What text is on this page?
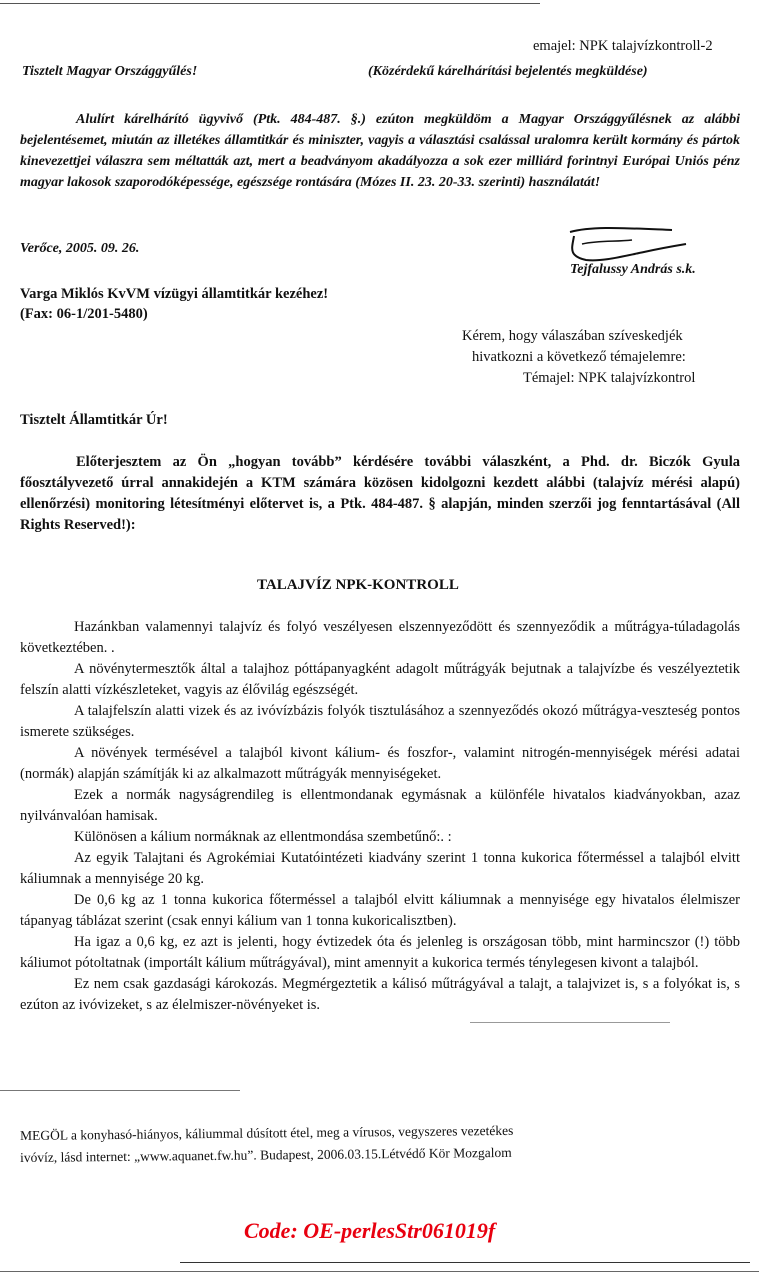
emajel: NPK talajvízkontroll-2
Tisztelt Magyar Országgyűlés!	(Közérdekű kárelhárítási bejelentés megküldése)
Alulírt kárelhárító ügyvivő (Ptk. 484-487. §.) ezúton megküldöm a Magyar Országgyűlésnek az alábbi bejelentésemet, miután az illetékes államtitkár és miniszter, vagyis a választási csalással uralomra került kormány és pártok kinevezettjei válaszra sem méltatták azt, mert a beadványom akadályozza a sok ezer milliárd forintnyi Európai Uniós pénz magyar lakosok szaporodóképessége, egészsége rontására (Mózes II. 23. 20-33. szerinti) használatát!
Verőce, 2005. 09. 26.
Tejfalussy András s.k.
Varga Miklós KvVM vízügyi államtitkár kezéhez!
(Fax: 06-1/201-5480)
Kérem, hogy válaszában szíveskedjék
hivatkozni a következő témajelemre:
Témajel: NPK talajvízkontrol
Tisztelt Államtitkár Úr!
Előterjesztem az Ön „hogyan tovább” kérdésére további válaszként, a Phd. dr. Biczók Gyula főosztályvezető úrral annakidején a KTM számára közösen kidolgozni kezdett alábbi (talajvíz mérési alapú) ellenőrzési) monitoring létesítményi előtervet is, a Ptk. 484-487. § alapján, minden szerzői jog fenntartásával (All Rights Reserved!):
TALAJVÍZ NPK-KONTROLL

Hazánkban valamennyi talajvíz és folyó veszélyesen elszennyeződött és szennyeződik a műtrágya-túladagolás következtében. .

A növénytermesztők által a talajhoz póttápanyagként adagolt műtrágyák bejutnak a talajvízbe és veszélyeztetik felszín alatti vízkészleteket, vagyis az élővilág egészségét.

A talajfelszín alatti vizek és az ivóvízbázis folyók tisztulásához a szennyeződés okozó műtrágya-veszteség pontos ismerete szükséges.

A növények termésével a talajból kivont kálium- és foszfor-, valamint nitrogén-mennyiségek mérési adatai (normák) alapján számítják ki az alkalmazott műtrágyák mennyiségeket.

Ezek a normák nagyságrendileg is ellentmondanak egymásnak a különféle hivatalos kiadványokban, azaz nyilvánvalóan hamisak.

Különösen a kálium normáknak az ellentmondása szembetűnő:. :

Az egyik Talajtani és Agrokémiai Kutatóintézeti kiadvány szerint 1 tonna kukorica főterméssel a talajból elvitt káliumnak a mennyisége 20 kg.

De 0,6 kg az 1 tonna kukorica főterméssel a talajból elvitt káliumnak a mennyisége egy hivatalos élelmiszer tápanyag táblázat szerint (csak ennyi kálium van 1 tonna kukoricalisztben).

Ha igaz a 0,6 kg, ez azt is jelenti, hogy évtizedek óta és jelenleg is országosan több, mint harmincszor (!) több káliumot pótoltatnak (importált kálium műtrágyával), mint amennyit a kukorica termés ténylegesen kivont a talajból.

Ez nem csak gazdasági károkozás. Megmérgeztetik a kálisó műtrágyával a talajt, a talajvizet is, s a folyókat is, s ezúton az ivóvizeket, s az élelmiszer-növényeket is.

MEGÖL a konyhasó-hiányos, káliummal dúsított étel, meg a vírusos, vegyszeres vezetékes
ivóvíz, lásd internet: „www.aquanet.fw.hu”. Budapest, 2006.03.15.Létvédő Kör Mozgalom
Code: OE-perlesStr061019f
